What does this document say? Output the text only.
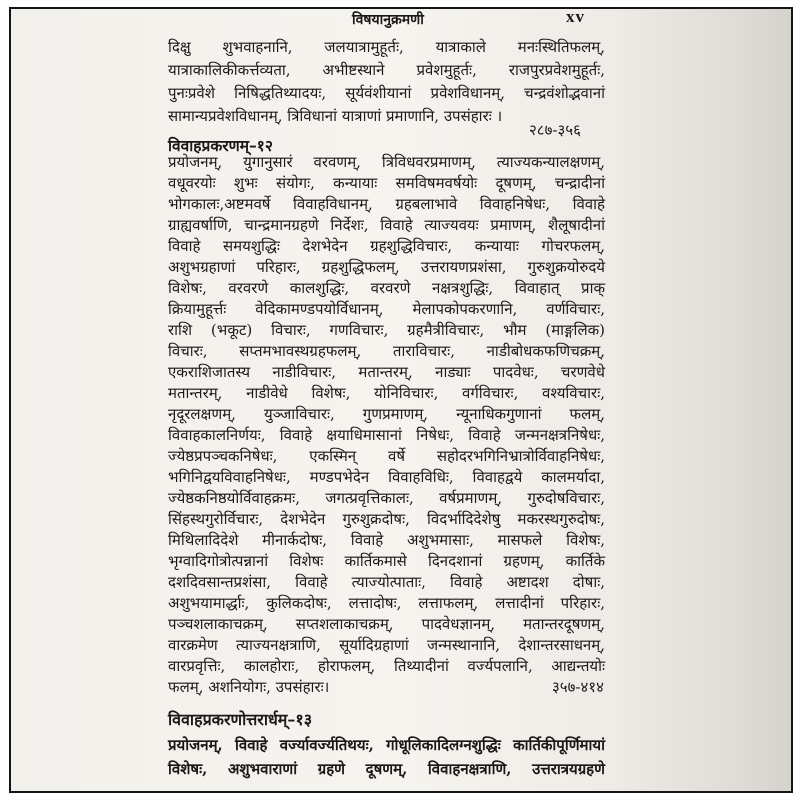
विषयानुक्रमणी	xv
दिक्षु शुभवाहनानि, जलयात्रामुहूर्तः, यात्राकाले मनःस्थितिफलम्,
यात्राकालिकीकर्त्तव्यता, अभीष्टस्थाने प्रवेशमुहूर्तः, राजपुरप्रवेशमुहूर्तः,
पुनःप्रवेशे निषिद्धतिथ्यादयः, सूर्यवंशीयानां प्रवेशविधानम्, चन्द्रवंशोद्भवानां
सामान्यप्रवेशविधानम्, त्रिविधानां यात्राणां प्रमाणानि, उपसंहारः ।
२८७-३५६
विवाहप्रकरणम्–१२
प्रयोजनम्, युगानुसारं वरवणम्, त्रिविधवरप्रमाणम्, त्याज्यकन्यालक्षणम्,
वधूवरयोः शुभः संयोगः, कन्यायाः समविषमवर्षयोः दूषणम्, चन्द्रादीनां
भोगकालः,अष्टमवर्षे विवाहविधानम्, ग्रहबलाभावे विवाहनिषेधः, विवाहे
ग्राह्यवर्षाणि, चान्द्रमानग्रहणे निर्देशः, विवाहे त्याज्यवयः प्रमाणम्, शैलूषादीनां
विवाहे समयशुद्धिः देशभेदेन ग्रहशुद्धिविचारः, कन्यायाः गोचरफलम्,
अशुभग्रहाणां परिहारः, ग्रहशुद्धिफलम्, उत्तरायणप्रशंसा, गुरुशुक्रयोरुदये
विशेषः, वरवरणे कालशुद्धिः, वरवरणे नक्षत्रशुद्धिः, विवाहात् प्राक्
क्रियामुहूर्त्तः वेदिकामण्डपयोर्विधानम्, मेलापकोपकरणानि, वर्णविचारः,
राशि (भकूट) विचारः, गणविचारः, ग्रहमैत्रीविचारः, भौम (माङ्गलिक)
विचारः, सप्तमभावस्थग्रहफलम्, ताराविचारः, नाडीबोधकफणिचक्रम्,
एकराशिजातस्य नाडीविचारः, मतान्तरम्, नाड्याः पादवेधः, चरणवेधे
मतान्तरम्, नाडीवेधे विशेषः, योनिविचारः, वर्गविचारः, वश्यविचारः,
नृदूरलक्षणम्, युञ्जाविचारः, गुणप्रमाणम्, न्यूनाधिकगुणानां फलम्,
विवाहकालनिर्णयः, विवाहे क्षयाधिमासानां निषेधः, विवाहे जन्मनक्षत्रनिषेधः,
ज्येष्ठप्रपञ्चकनिषेधः, एकस्मिन् वर्षे सहोदरभगिनिभ्रात्रोर्विवाहनिषेधः,
भगिनिद्वयविवाहनिषेधः, मण्डपभेदेन विवाहविधिः, विवाहद्वये कालमर्यादा,
ज्येष्ठकनिष्ठयोर्विवाहक्रमः, जगत्प्रवृत्तिकालः, वर्षप्रमाणम्, गुरुदोषविचारः,
सिंहस्थगुरोर्विचारः, देशभेदेन गुरुशुक्रदोषः, विदर्भादिदेशेषु मकरस्थगुरुदोषः,
मिथिलादिदेशे मीनार्कदोषः, विवाहे अशुभमासाः, मासफले विशेषः,
भृग्वादिगोत्रोत्पन्नानां विशेषः कार्तिकमासे दिनदशानां ग्रहणम्, कार्तिके
दशदिवसान्तप्रशंसा, विवाहे त्याज्योत्पाताः, विवाहे अष्टादश दोषाः,
अशुभयामार्द्धाः, कुलिकदोषः, लत्तादोषः, लत्ताफलम्, लत्तादीनां परिहारः,
पञ्चशलाकाचक्रम्, सप्तशलाकाचक्रम्, पादवेधज्ञानम्, मतान्तरदूषणम्,
वारक्रमेण त्याज्यनक्षत्राणि, सूर्यादिग्रहाणां जन्मस्थानानि, देशान्तरसाधनम्,
वारप्रवृत्तिः, कालहोराः, होराफलम्, तिथ्यादीनां वर्ज्यपलानि, आद्यन्तयोः
फलम्, अशनियोगः, उपसंहारः।	३५७-४१४
विवाहप्रकरणोत्तरार्धम्–१३
प्रयोजनम्, विवाहे वर्ज्यावर्ज्यतिथयः, गोधूलिकादिलग्नशुद्धिः कार्तिकीपूर्णिमायां
विशेषः, अशुभवाराणां ग्रहणे दूषणम्, विवाहनक्षत्राणि, उत्तरात्रयग्रहणे
